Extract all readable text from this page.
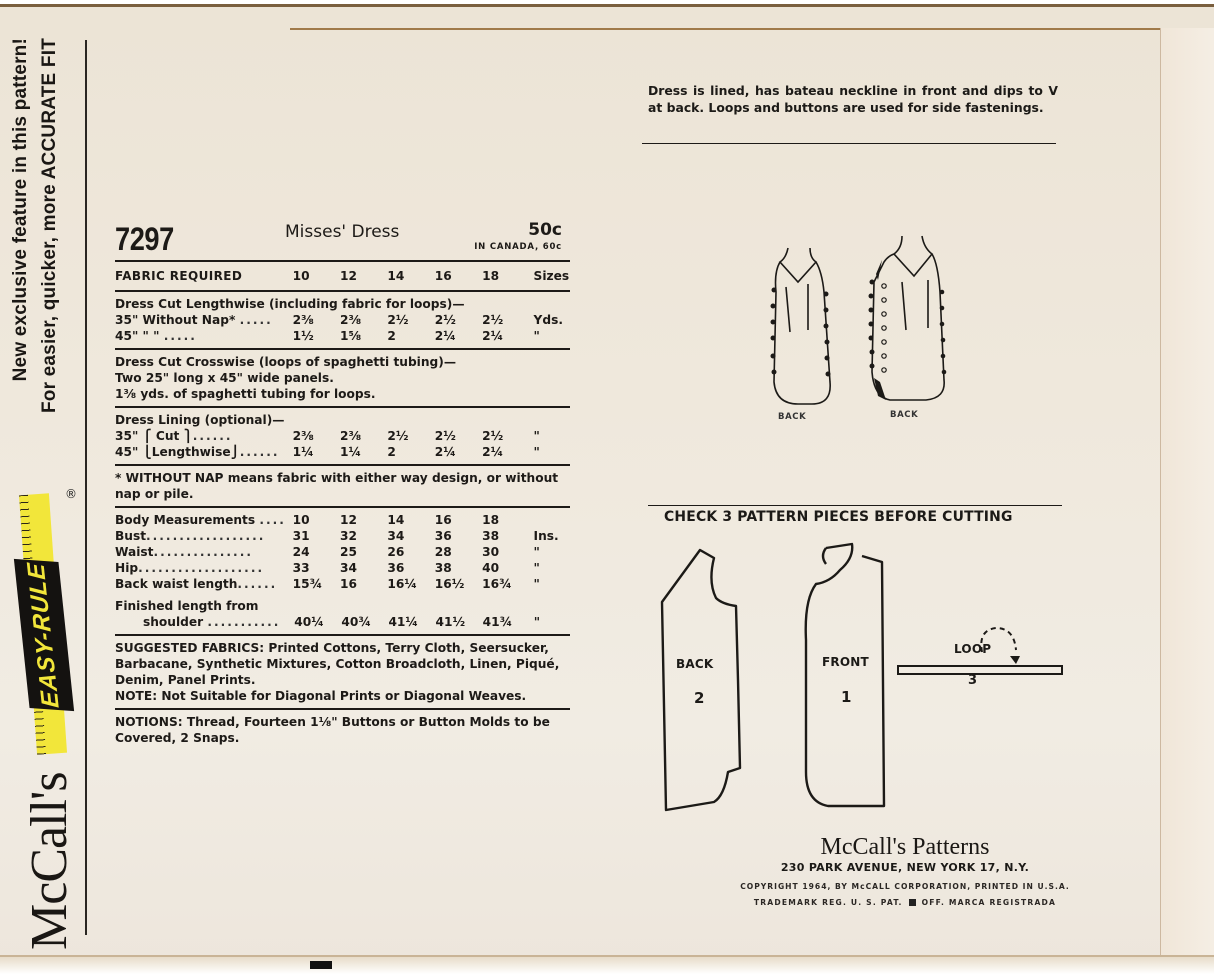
New exclusive feature in this pattern! For easier, quicker, more ACCURATE FIT
McCall's
EASY-RULE
®
7297	Misses' Dress	50c
IN CANADA, 60c
FABRIC REQUIRED	10	12	14	16	18	Sizes
Dress Cut Lengthwise (including fabric for loops)—
35" Without Nap* .....	2⅜	2⅜	2½	2½	2½	Yds.
45" " " .....	1½	1⅝	2	2¼	2¼	"
Dress Cut Crosswise (loops of spaghetti tubing)—
Two 25" long x 45" wide panels.
1⅜ yds. of spaghetti tubing for loops.
Dress Lining (optional)—
35" ⎧ Cut ⎫......	2⅜	2⅜	2½	2½	2½	"
45" ⎩Lengthwise⎭......	1¼	1¼	2	2¼	2¼	"
* WITHOUT NAP means fabric with either way design, or without nap or pile.
Body Measurements .... 10	12	14	16	18
Bust..................	31	32	34	36	38	Ins.
Waist...............	24	25	26	28	30	"
Hip...................	33	34	36	38	40	"
Back waist length......	15¾	16	16¼	16½	16¾	"
Finished length from
shoulder ...........	40¼	40¾	41¼	41½	41¾	"
SUGGESTED FABRICS: Printed Cottons, Terry Cloth, Seersucker, Barbacane, Synthetic Mixtures, Cotton Broadcloth, Linen, Piqué, Denim, Panel Prints.
NOTE: Not Suitable for Diagonal Prints or Diagonal Weaves.
NOTIONS: Thread, Fourteen 1⅛" Buttons or Button Molds to be Covered, 2 Snaps.
Dress is lined, has bateau neckline in front and dips to V at back. Loops and buttons are used for side fastenings.
BACK	BACK
CHECK 3 PATTERN PIECES BEFORE CUTTING
BACK
2
FRONT
1
LOOP
3
McCall's Patterns
230 PARK AVENUE, NEW YORK 17, N.Y.
COPYRIGHT 1964, BY McCALL CORPORATION, PRINTED IN U.S.A.
TRADEMARK REG. U. S. PAT.	OFF. MARCA REGISTRADA
